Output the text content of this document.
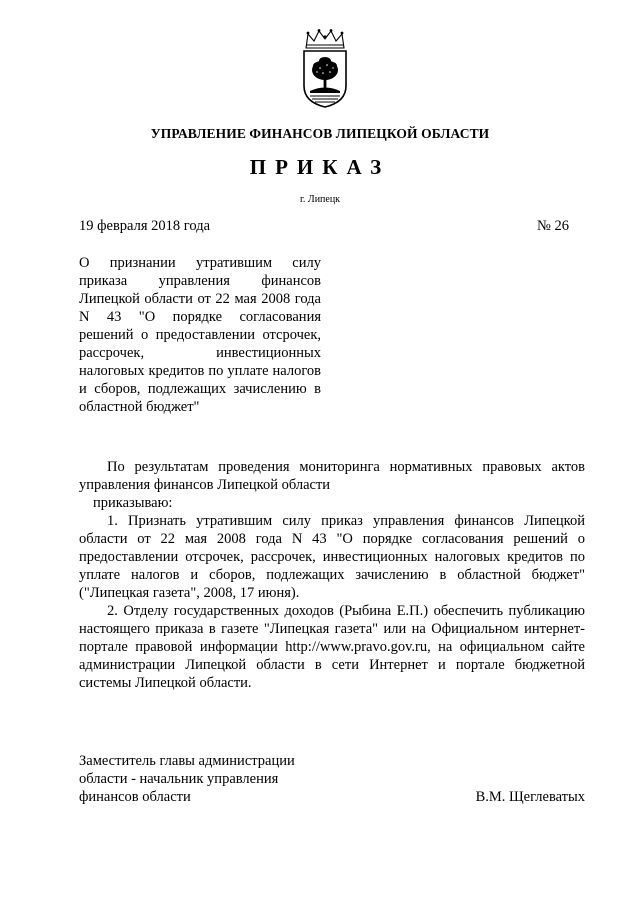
УПРАВЛЕНИЕ ФИНАНСОВ ЛИПЕЦКОЙ ОБЛАСТИ
ПРИКАЗ
г. Липецк
19 февраля 2018 года	№ 26
О признании утратившим силу приказа управления финансов Липецкой области от 22 мая 2008 года N 43 "О порядке согласования решений о предоставлении отсрочек, рассрочек, инвестиционных налоговых кредитов по уплате налогов и сборов, подлежащих зачислению в областной бюджет"

По результатам проведения мониторинга нормативных правовых актов управления финансов Липецкой области

приказываю:

1. Признать утратившим силу приказ управления финансов Липецкой области от 22 мая 2008 года N 43 "О порядке согласования решений о предоставлении отсрочек, рассрочек, инвестиционных налоговых кредитов по уплате налогов и сборов, подлежащих зачислению в областной бюджет" ("Липецкая газета", 2008, 17 июня).

2. Отделу государственных доходов (Рыбина Е.П.) обеспечить публикацию настоящего приказа в газете "Липецкая газета" или на Официальном интернет-портале правовой информации http://www.pravo.gov.ru, на официальном сайте администрации Липецкой области в сети Интернет и портале бюджетной системы Липецкой области.

Заместитель главы администрации
области - начальник управления
финансов области	В.М. Щеглеватых
